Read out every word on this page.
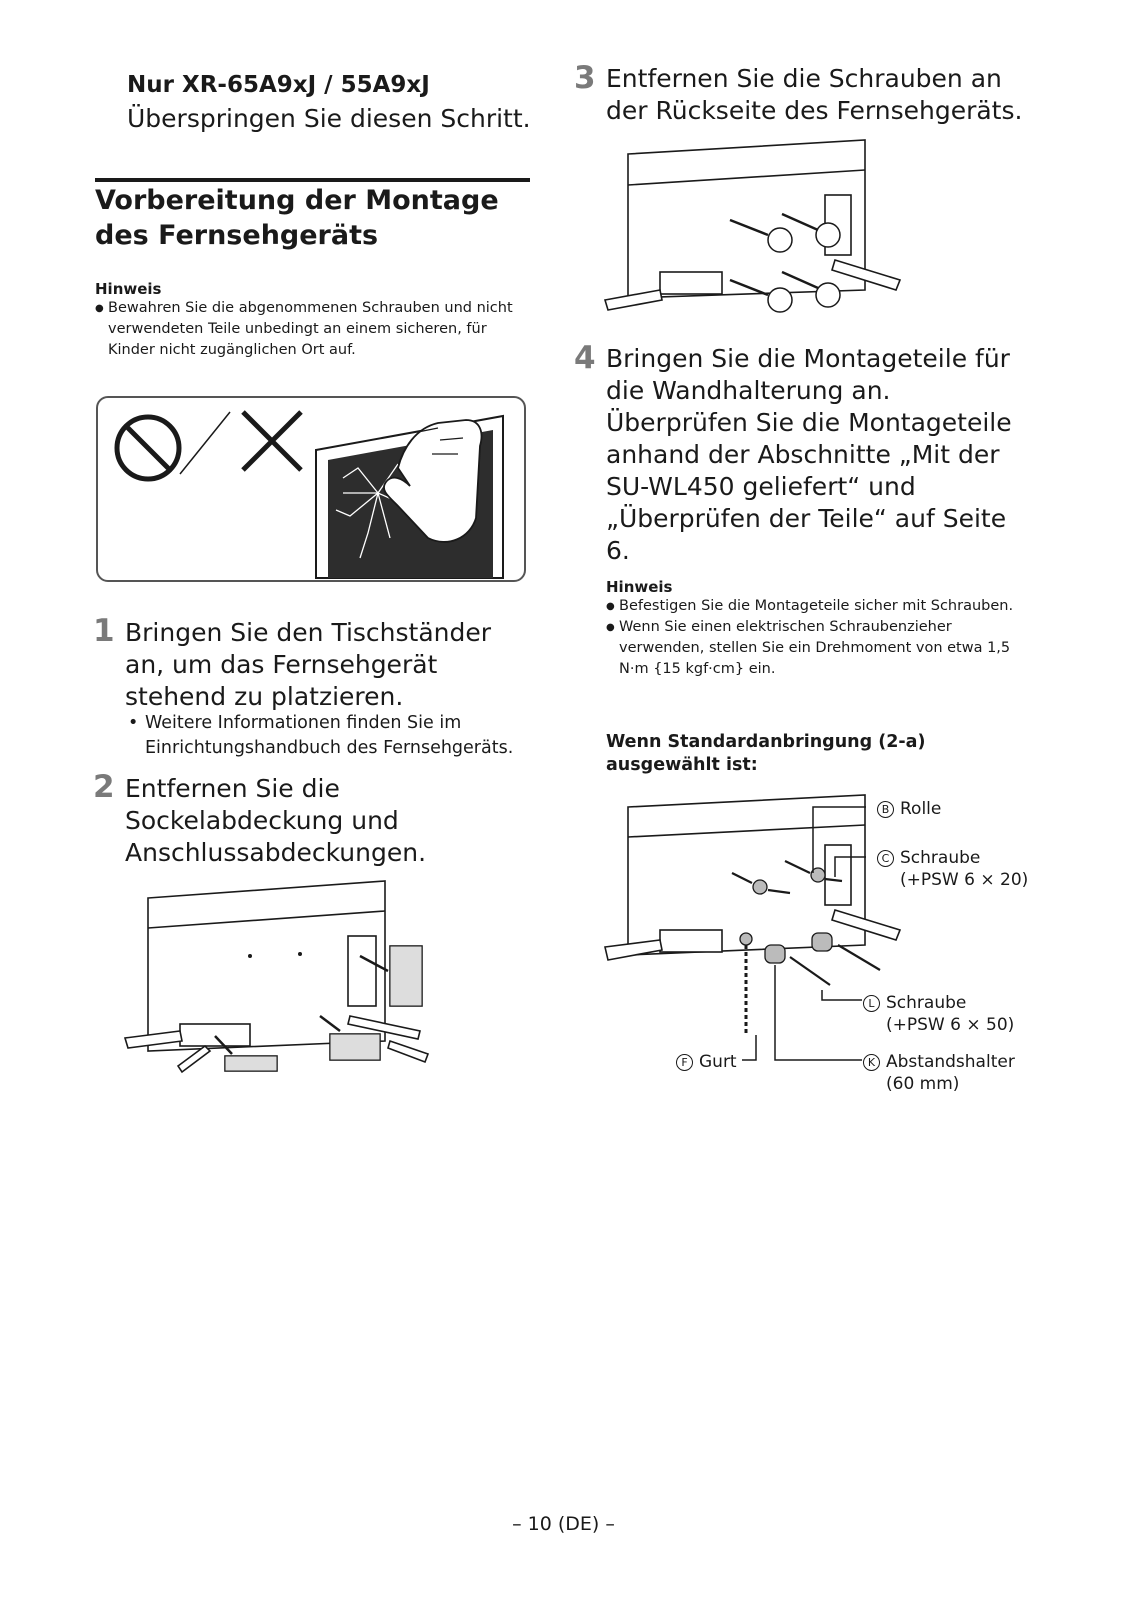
Nur XR-65A9xJ / 55A9xJ
Überspringen Sie diesen Schritt.
Vorbereitung der Montage
des Fernsehgeräts
Hinweis
● Bewahren Sie die abgenommenen Schrauben und nicht verwendeten Teile unbedingt an einem sicheren, für Kinder nicht zugänglichen Ort auf.
1 Bringen Sie den Tischständer an, um das Fernsehgerät stehend zu platzieren.
• Weitere Informationen finden Sie im Einrichtungshandbuch des Fernsehgeräts.
2 Entfernen Sie die Sockelabdeckung und Anschlussabdeckungen.
3 Entfernen Sie die Schrauben an der Rückseite des Fernsehgeräts.
4 Bringen Sie die Montageteile für die Wandhalterung an. Überprüfen Sie die Montageteile anhand der Abschnitte „Mit der SU-WL450 geliefert“ und „Überprüfen der Teile“ auf Seite 6.
Hinweis
● Befestigen Sie die Montageteile sicher mit Schrauben.
● Wenn Sie einen elektrischen Schraubenzieher verwenden, stellen Sie ein Drehmoment von etwa 1,5 N·m {15 kgf·cm} ein.
Wenn Standardanbringung (2-a)
ausgewählt ist:
B Rolle
C Schraube
(+PSW 6 × 20)
L Schraube
(+PSW 6 × 50)
F Gurt	K Abstandshalter
(60 mm)
– 10 (DE) –
